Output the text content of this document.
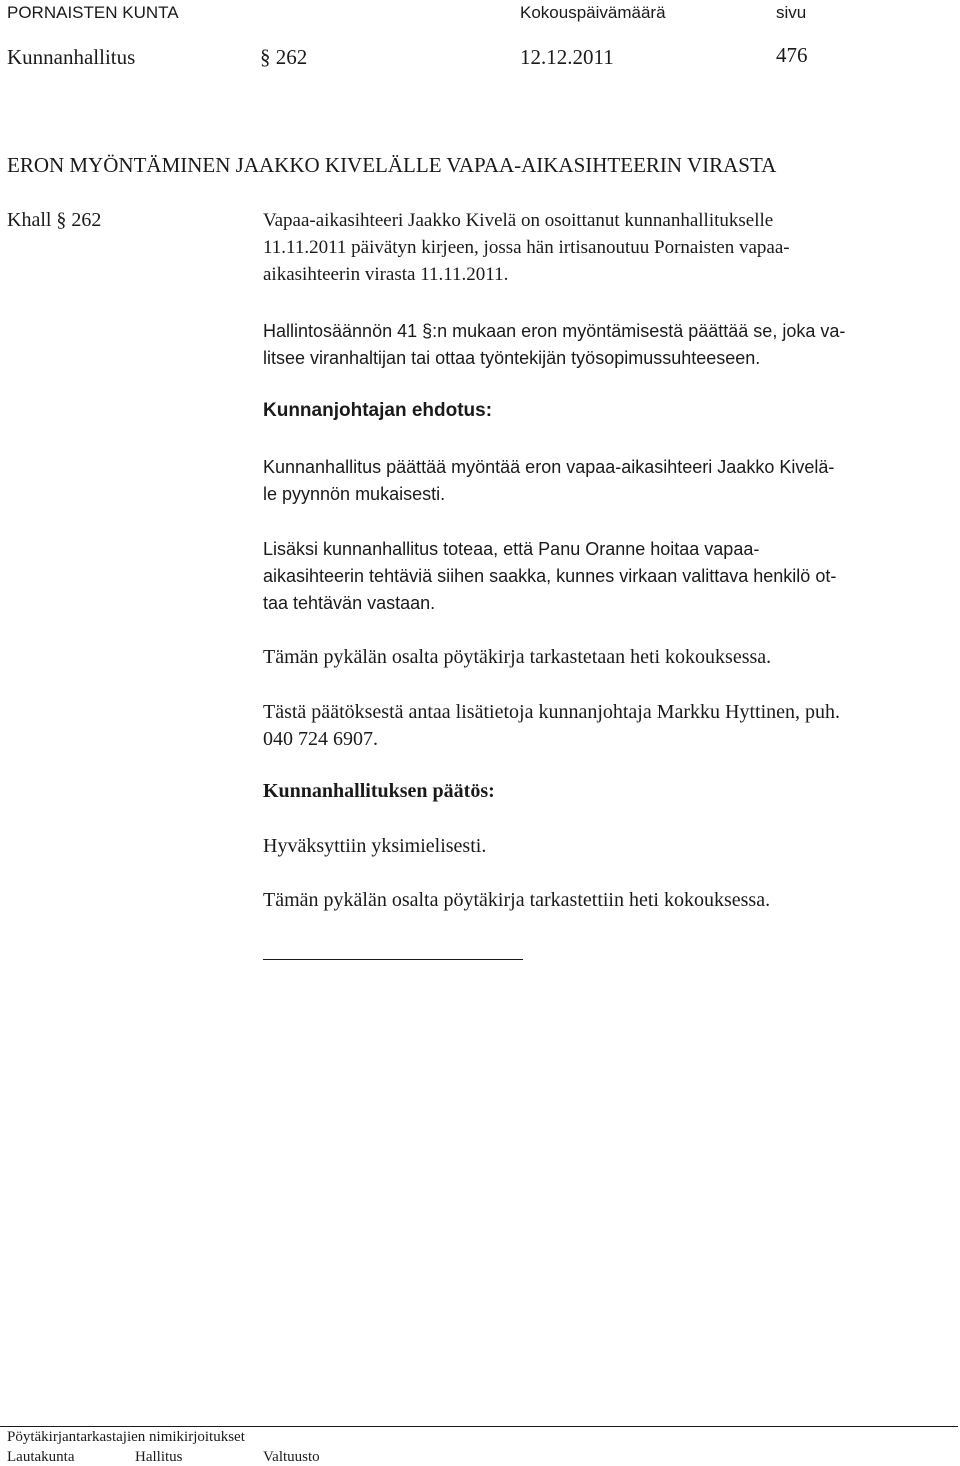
PORNAISTEN KUNTA	Kokouspäivämäärä	sivu
Kunnanhallitus	§ 262	12.12.2011	476
ERON MYÖNTÄMINEN JAAKKO KIVELÄLLE VAPAA-AIKASIHTEERIN VIRASTA
Khall § 262	Vapaa-aikasihteeri Jaakko Kivelä on osoittanut kunnanhallitukselle
11.11.2011 päivätyn kirjeen, jossa hän irtisanoutuu Pornaisten vapaa-
aikasihteerin virasta 11.11.2011.
Hallintosäännön 41 §:n mukaan eron myöntämisestä päättää se, joka va-
litsee viranhaltijan tai ottaa työntekijän työsopimussuhteeseen.
Kunnanjohtajan ehdotus:
Kunnanhallitus päättää myöntää eron vapaa-aikasihteeri Jaakko Kivelä-
le pyynnön mukaisesti.
Lisäksi kunnanhallitus toteaa, että Panu Oranne hoitaa vapaa-
aikasihteerin tehtäviä siihen saakka, kunnes virkaan valittava henkilö ot-
taa tehtävän vastaan.
Tämän pykälän osalta pöytäkirja tarkastetaan heti kokouksessa.
Tästä päätöksestä antaa lisätietoja kunnanjohtaja Markku Hyttinen, puh.
040 724 6907.
Kunnanhallituksen päätös:
Hyväksyttiin yksimielisesti.
Tämän pykälän osalta pöytäkirja tarkastettiin heti kokouksessa.
Pöytäkirjantarkastajien nimikirjoitukset
Lautakunta	Hallitus	Valtuusto
